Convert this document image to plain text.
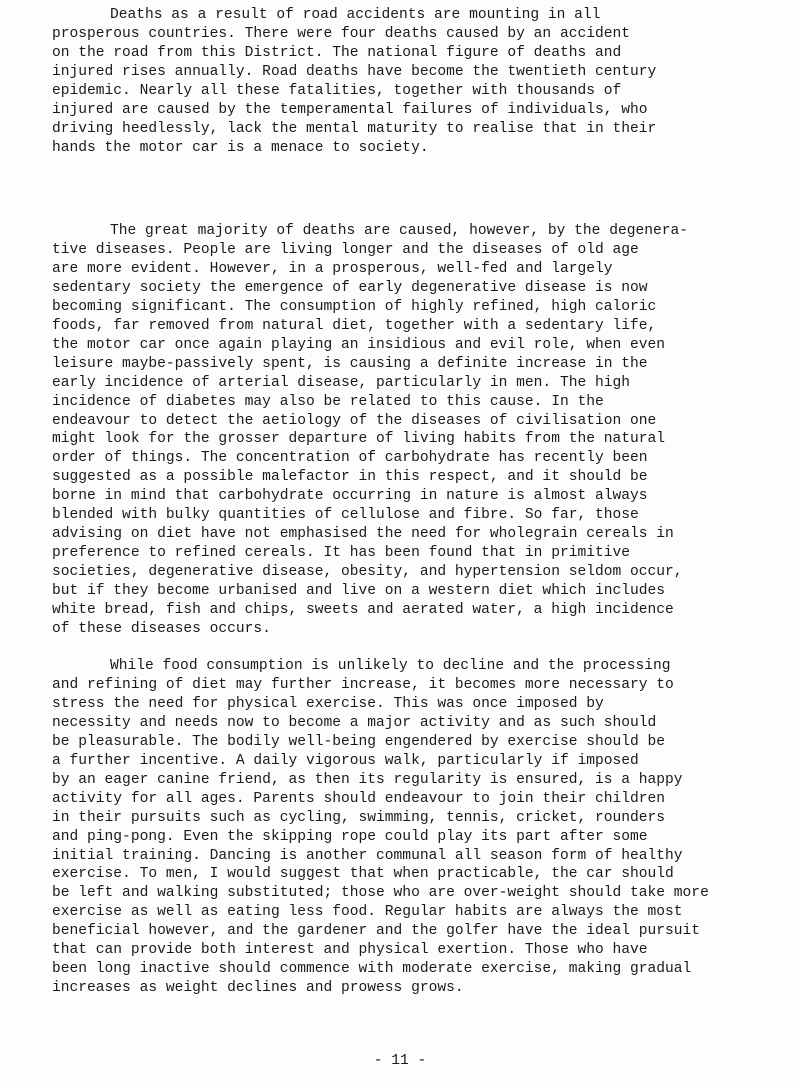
Deaths as a result of road accidents are mounting in all
prosperous countries. There were four deaths caused by an accident
on the road from this District. The national figure of deaths and
injured rises annually. Road deaths have become the twentieth century
epidemic. Nearly all these fatalities, together with thousands of
injured are caused by the temperamental failures of individuals, who
driving heedlessly, lack the mental maturity to realise that in their
hands the motor car is a menace to society.
The great majority of deaths are caused, however, by the degenera-
tive diseases. People are living longer and the diseases of old age
are more evident. However, in a prosperous, well-fed and largely
sedentary society the emergence of early degenerative disease is now
becoming significant. The consumption of highly refined, high caloric
foods, far removed from natural diet, together with a sedentary life,
the motor car once again playing an insidious and evil role, when even
leisure maybe-passively spent, is causing a definite increase in the
early incidence of arterial disease, particularly in men. The high
incidence of diabetes may also be related to this cause. In the
endeavour to detect the aetiology of the diseases of civilisation one
might look for the grosser departure of living habits from the natural
order of things. The concentration of carbohydrate has recently been
suggested as a possible malefactor in this respect, and it should be
borne in mind that carbohydrate occurring in nature is almost always
blended with bulky quantities of cellulose and fibre. So far, those
advising on diet have not emphasised the need for wholegrain cereals in
preference to refined cereals. It has been found that in primitive
societies, degenerative disease, obesity, and hypertension seldom occur,
but if they become urbanised and live on a western diet which includes
white bread, fish and chips, sweets and aerated water, a high incidence
of these diseases occurs.
While food consumption is unlikely to decline and the processing
and refining of diet may further increase, it becomes more necessary to
stress the need for physical exercise. This was once imposed by
necessity and needs now to become a major activity and as such should
be pleasurable. The bodily well-being engendered by exercise should be
a further incentive. A daily vigorous walk, particularly if imposed
by an eager canine friend, as then its regularity is ensured, is a happy
activity for all ages. Parents should endeavour to join their children
in their pursuits such as cycling, swimming, tennis, cricket, rounders
and ping-pong. Even the skipping rope could play its part after some
initial training. Dancing is another communal all season form of healthy
exercise. To men, I would suggest that when practicable, the car should
be left and walking substituted; those who are over-weight should take more
exercise as well as eating less food. Regular habits are always the most
beneficial however, and the gardener and the golfer have the ideal pursuit
that can provide both interest and physical exertion. Those who have
been long inactive should commence with moderate exercise, making gradual
increases as weight declines and prowess grows.
- 11 -
